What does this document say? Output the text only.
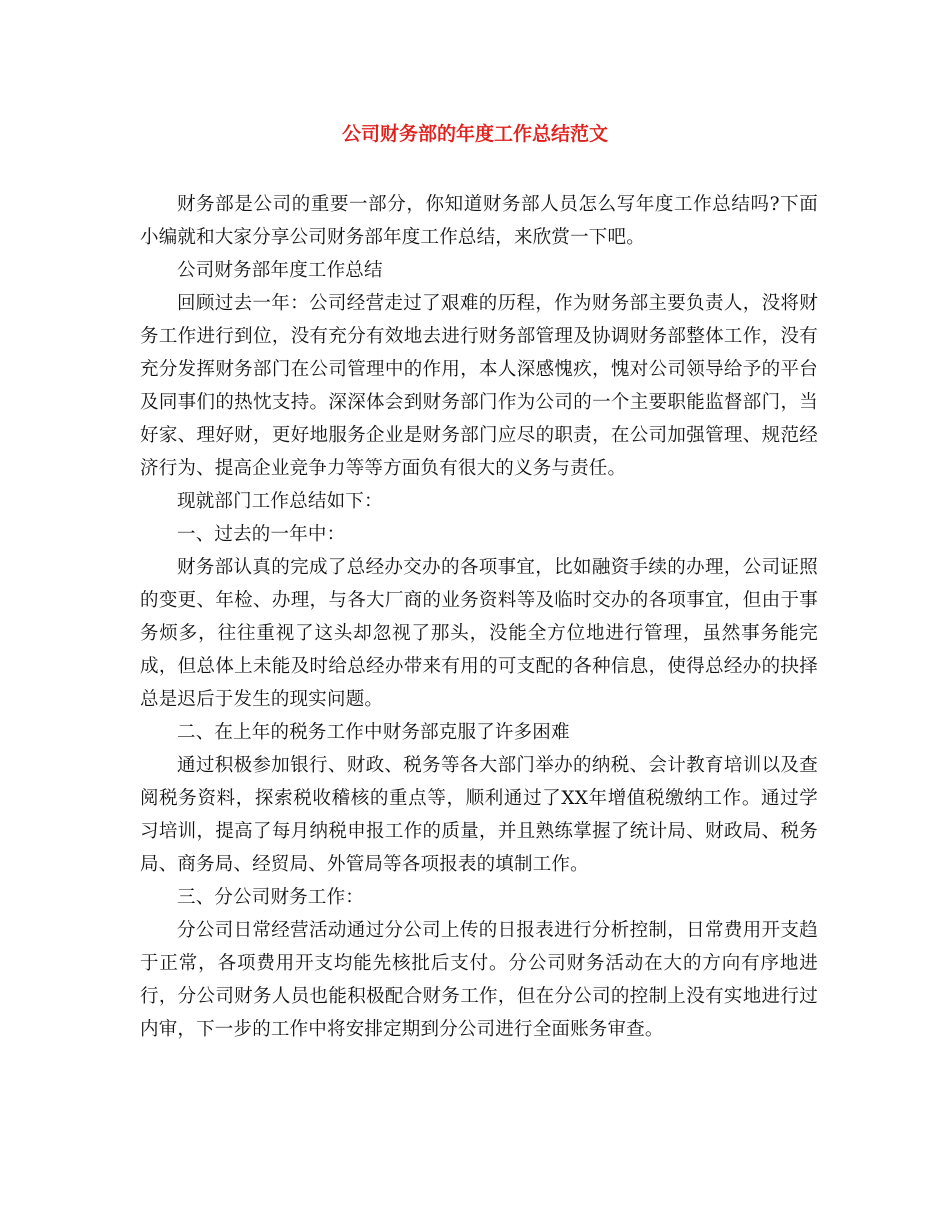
公司财务部的年度工作总结范文

财务部是公司的重要一部分，你知道财务部人员怎么写年度工作总结吗?下面小编就和大家分享公司财务部年度工作总结，来欣赏一下吧。

公司财务部年度工作总结

回顾过去一年：公司经营走过了艰难的历程，作为财务部主要负责人，没将财务工作进行到位，没有充分有效地去进行财务部管理及协调财务部整体工作，没有充分发挥财务部门在公司管理中的作用，本人深感愧疚，愧对公司领导给予的平台及同事们的热忱支持。深深体会到财务部门作为公司的一个主要职能监督部门，当好家、理好财，更好地服务企业是财务部门应尽的职责，在公司加强管理、规范经济行为、提高企业竞争力等等方面负有很大的义务与责任。

现就部门工作总结如下：

一、过去的一年中：

财务部认真的完成了总经办交办的各项事宜，比如融资手续的办理，公司证照的变更、年检、办理，与各大厂商的业务资料等及临时交办的各项事宜，但由于事务烦多，往往重视了这头却忽视了那头，没能全方位地进行管理，虽然事务能完成，但总体上未能及时给总经办带来有用的可支配的各种信息，使得总经办的抉择总是迟后于发生的现实问题。

二、在上年的税务工作中财务部克服了许多困难

通过积极参加银行、财政、税务等各大部门举办的纳税、会计教育培训以及查阅税务资料，探索税收稽核的重点等，顺利通过了XX年增值税缴纳工作。通过学习培训，提高了每月纳税申报工作的质量，并且熟练掌握了统计局、财政局、税务局、商务局、经贸局、外管局等各项报表的填制工作。

三、分公司财务工作：

分公司日常经营活动通过分公司上传的日报表进行分析控制，日常费用开支趋于正常，各项费用开支均能先核批后支付。分公司财务活动在大的方向有序地进行，分公司财务人员也能积极配合财务工作，但在分公司的控制上没有实地进行过内审，下一步的工作中将安排定期到分公司进行全面账务审查。
